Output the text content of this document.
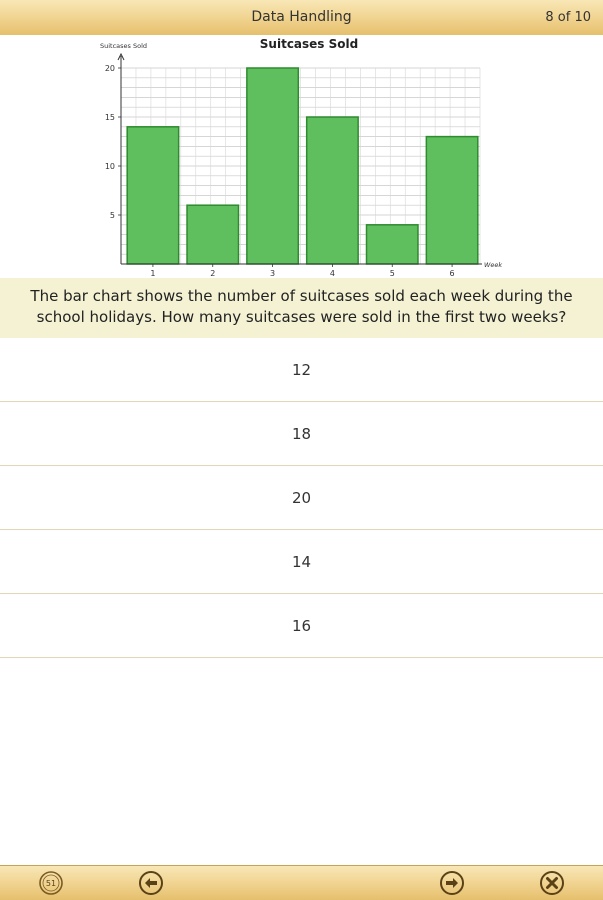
Data Handling	8 of 10
1	2	3	4	5	6
5
10
15
20
Suitcases Sold
Suitcases Sold
Week
The bar chart shows the number of suitcases sold each week during the school holidays. How many suitcases were sold in the first two weeks?
12
18
20
14
16
51
